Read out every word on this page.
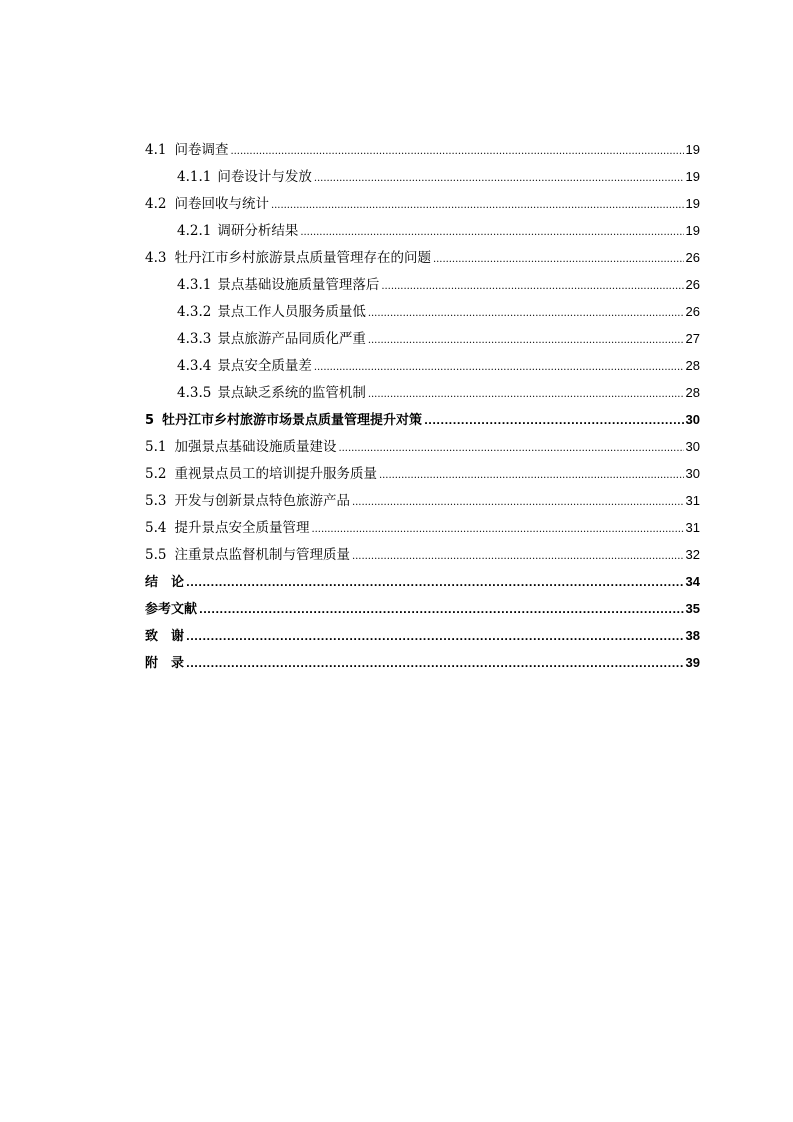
4.1 问卷调查 . . .	19
4.1.1 问卷设计与发放 . . .	19
4.2 问卷回收与统计 . . .	19
4.2.1 调研分析结果 . . .	19
4.3 牡丹江市乡村旅游景点质量管理存在的问题 . . .	26
4.3.1 景点基础设施质量管理落后 . . .	26
4.3.2 景点工作人员服务质量低 . . .	26
4.3.3 景点旅游产品同质化严重 . . .	27
4.3.4 景点安全质量差 . . .	28
4.3.5 景点缺乏系统的监管机制 . . .	28
5 牡丹江市乡村旅游市场景点质量管理提升对策 . . .	30
5.1 加强景点基础设施质量建设 . . .	30
5.2 重视景点员工的培训提升服务质量 . . .	30
5.3 开发与创新景点特色旅游产品 . . .	31
5.4 提升景点安全质量管理 . . .	31
5.5 注重景点监督机制与管理质量 . . .	32
结　论 . . .	34
参考文献 . . .	35
致　谢 . . .	38
附　录 . . .	39
